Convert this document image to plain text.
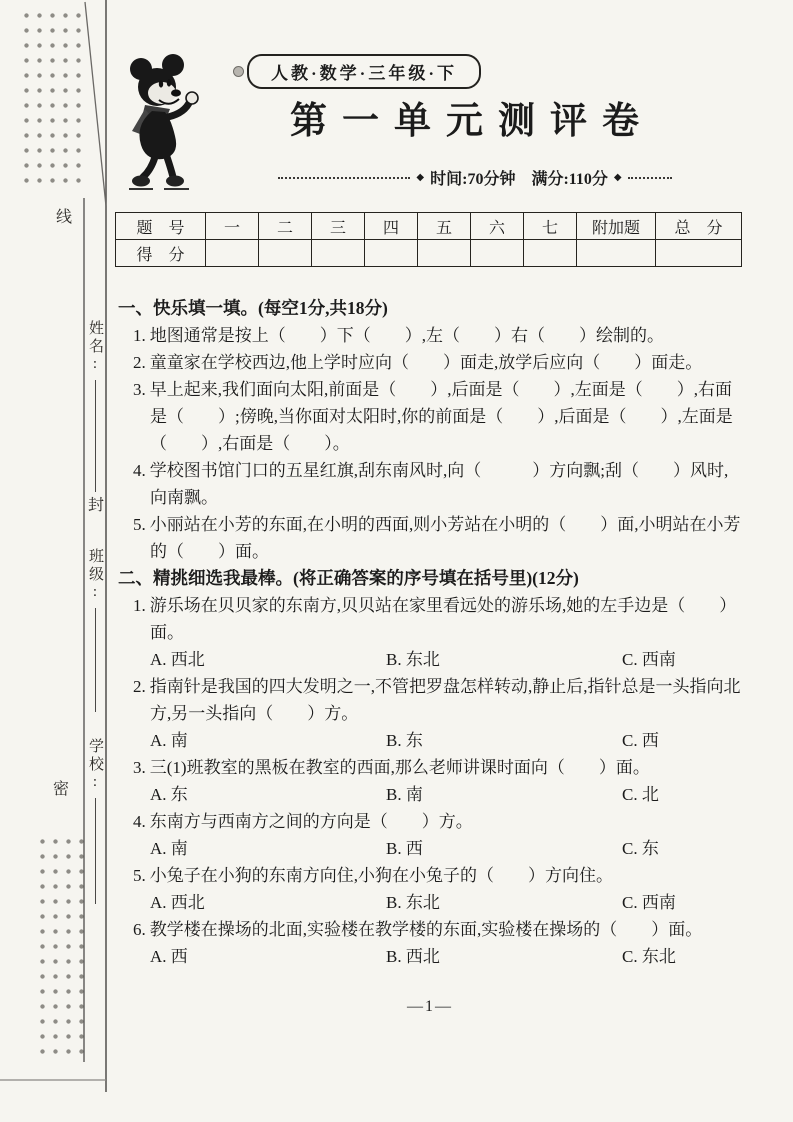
线
封
密
姓名:
班级:
学校:
人教·数学·三年级·下
第一单元测评卷
◆ 时间:70分钟　满分:110分 ◆
题　号	一	二	三	四	五	六	七	附加题	总　分
得　分									
一、快乐填一填。(每空1分,共18分)
1. 地图通常是按上（　　）下（　　）,左（　　）右（　　）绘制的。
2. 童童家在学校西边,他上学时应向（　　）面走,放学后应向（　　）面走。
3. 早上起来,我们面向太阳,前面是（　　）,后面是（　　）,左面是（　　）,右面是（　　）;傍晚,当你面对太阳时,你的前面是（　　）,后面是（　　）,左面是（　　）,右面是（　　）。
4. 学校图书馆门口的五星红旗,刮东南风时,向（　　　）方向飘;刮（　　）风时,向南飘。
5. 小丽站在小芳的东面,在小明的西面,则小芳站在小明的（　　）面,小明站在小芳的（　　）面。
二、精挑细选我最棒。(将正确答案的序号填在括号里)(12分)
1. 游乐场在贝贝家的东南方,贝贝站在家里看远处的游乐场,她的左手边是（　　）面。
A. 西北	B. 东北	C. 西南
2. 指南针是我国的四大发明之一,不管把罗盘怎样转动,静止后,指针总是一头指向北方,另一头指向（　　）方。
A. 南	B. 东	C. 西
3. 三(1)班教室的黑板在教室的西面,那么老师讲课时面向（　　）面。
A. 东	B. 南	C. 北
4. 东南方与西南方之间的方向是（　　）方。
A. 南	B. 西	C. 东
5. 小兔子在小狗的东南方向住,小狗在小兔子的（　　）方向住。
A. 西北	B. 东北	C. 西南
6. 教学楼在操场的北面,实验楼在教学楼的东面,实验楼在操场的（　　）面。
A. 西	B. 西北	C. 东北
—1—
